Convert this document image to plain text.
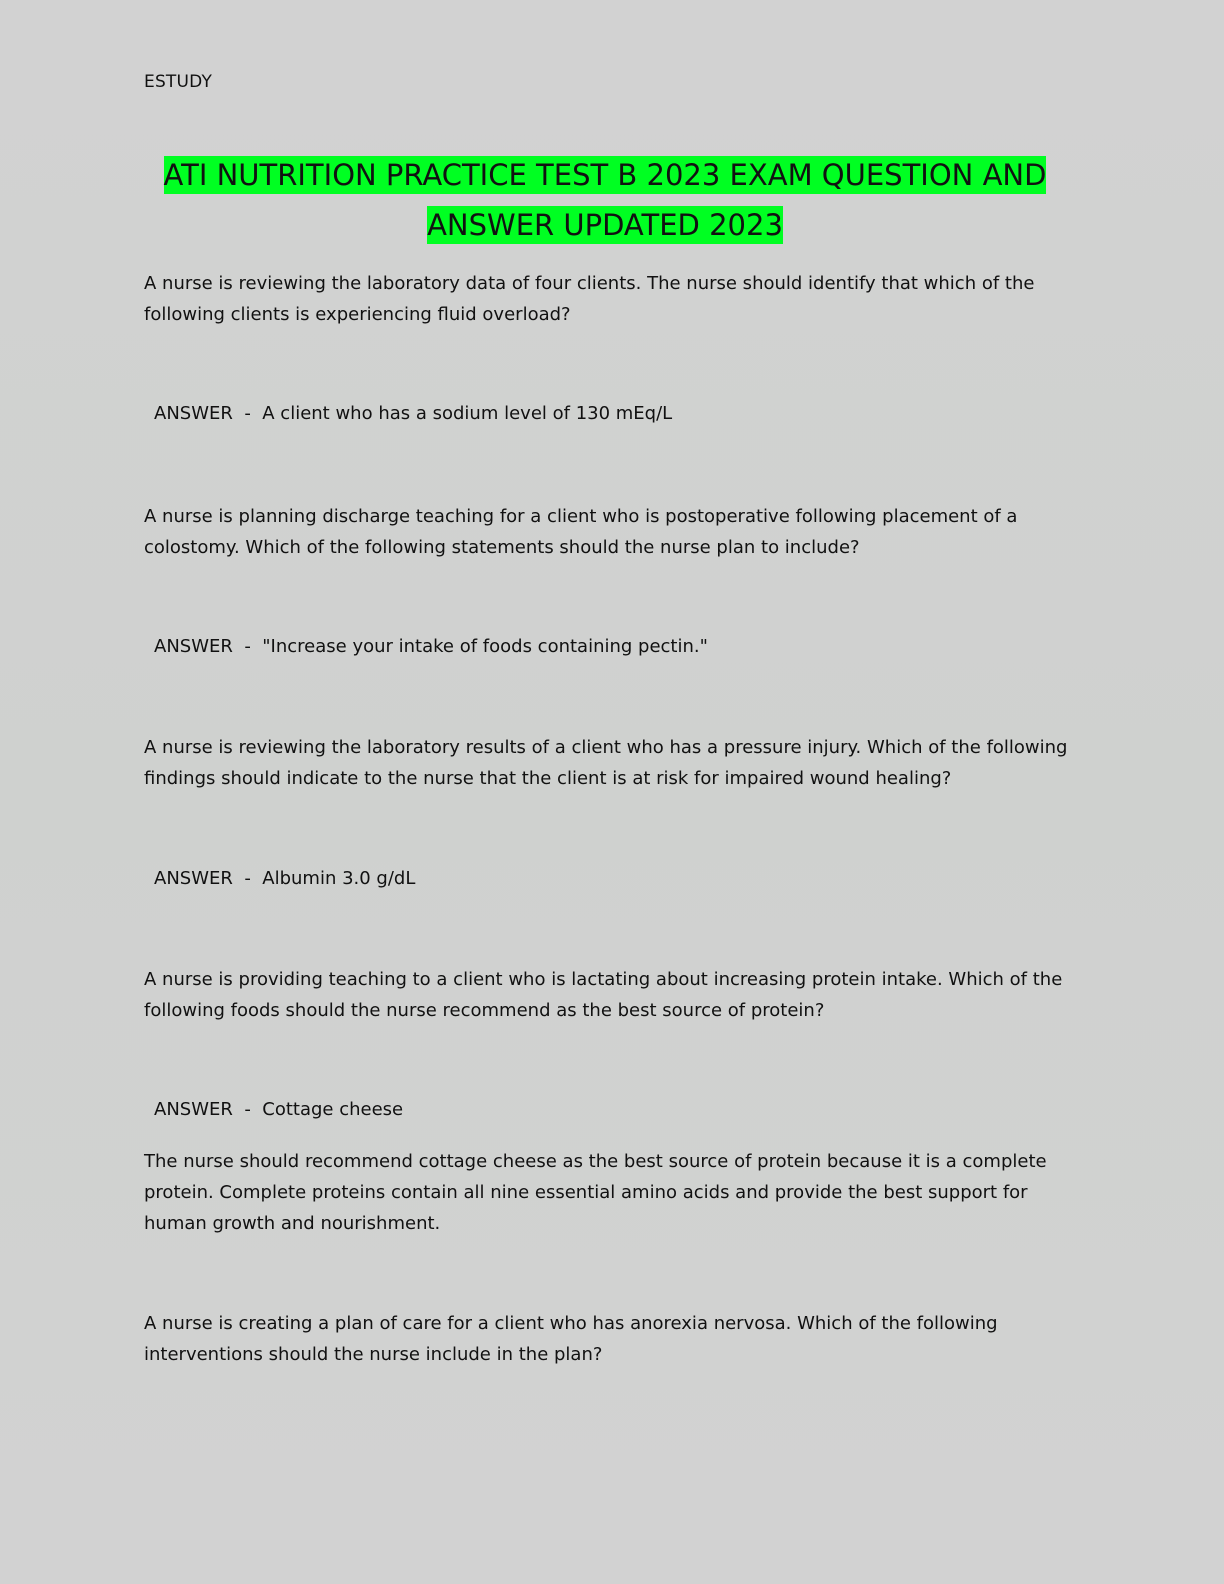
ESTUDY
ATI NUTRITION PRACTICE TEST B 2023 EXAM QUESTION AND
ANSWER UPDATED 2023
A nurse is reviewing the laboratory data of four clients. The nurse should identify that which of the following clients is experiencing fluid overload?
ANSWER  -  A client who has a sodium level of 130 mEq/L
A nurse is planning discharge teaching for a client who is postoperative following placement of a colostomy. Which of the following statements should the nurse plan to include?
ANSWER  -  "Increase your intake of foods containing pectin."
A nurse is reviewing the laboratory results of a client who has a pressure injury. Which of the following findings should indicate to the nurse that the client is at risk for impaired wound healing?
ANSWER  -  Albumin 3.0 g/dL
A nurse is providing teaching to a client who is lactating about increasing protein intake. Which of the following foods should the nurse recommend as the best source of protein?
ANSWER  -  Cottage cheese
The nurse should recommend cottage cheese as the best source of protein because it is a complete protein. Complete proteins contain all nine essential amino acids and provide the best support for human growth and nourishment.
A nurse is creating a plan of care for a client who has anorexia nervosa. Which of the following interventions should the nurse include in the plan?
